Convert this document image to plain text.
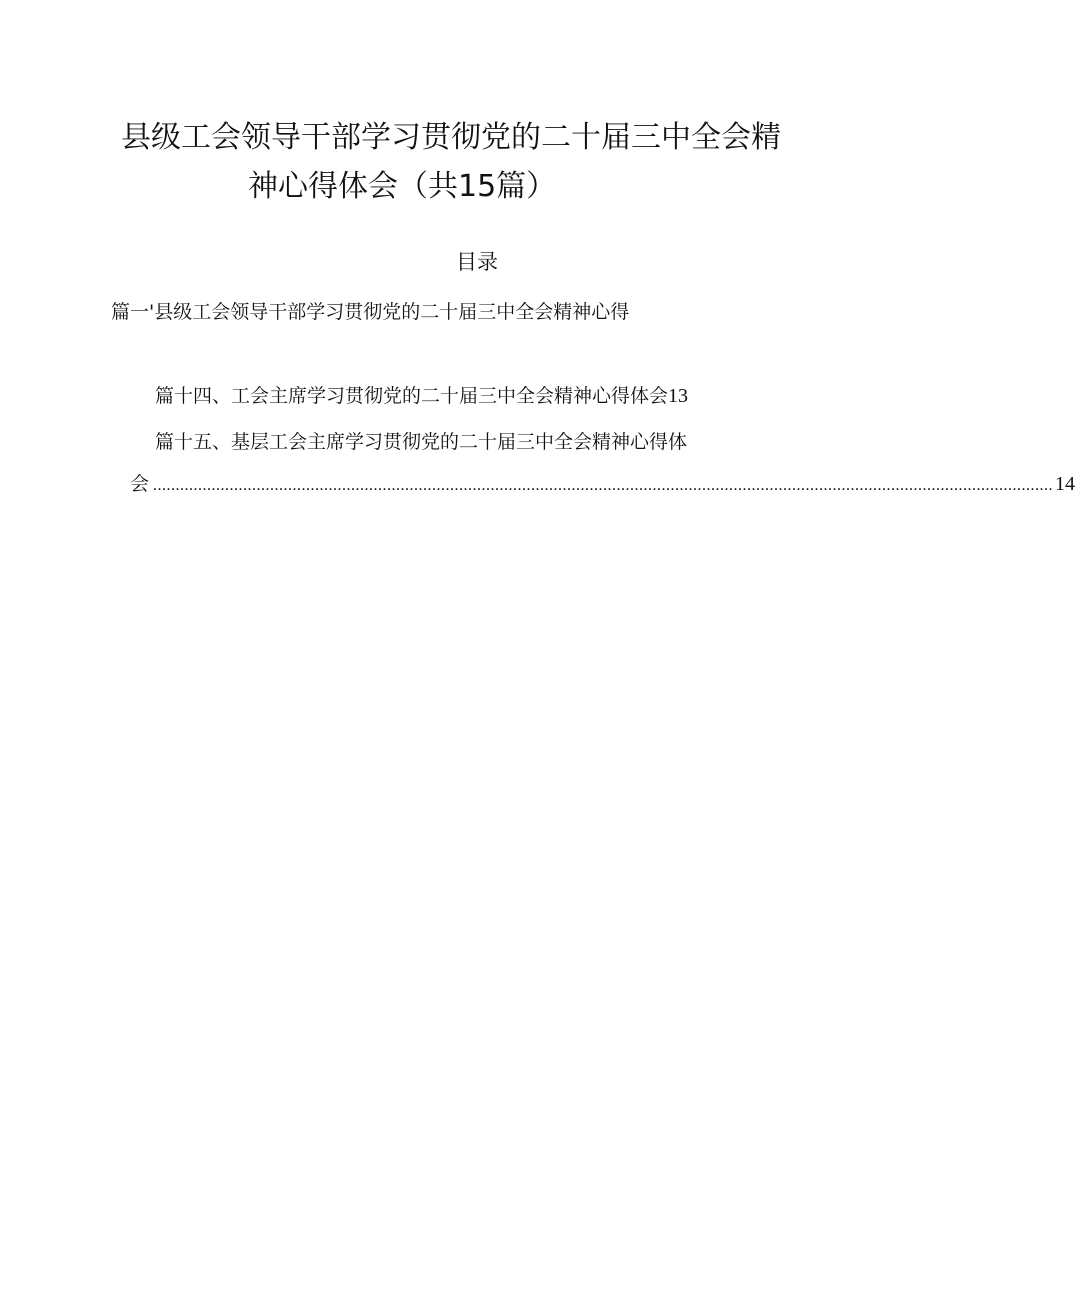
县级工会领导干部学习贯彻党的二十届三中全会精
神心得体会（共15篇）
目录
篇一'县级工会领导干部学习贯彻党的二十届三中全会精神心得
篇十四、工会主席学习贯彻党的二十届三中全会精神心得体会13
篇十五、基层工会主席学习贯彻党的二十届三中全会精神心得体
会 ........................................................................................................................................................................................................ 14
